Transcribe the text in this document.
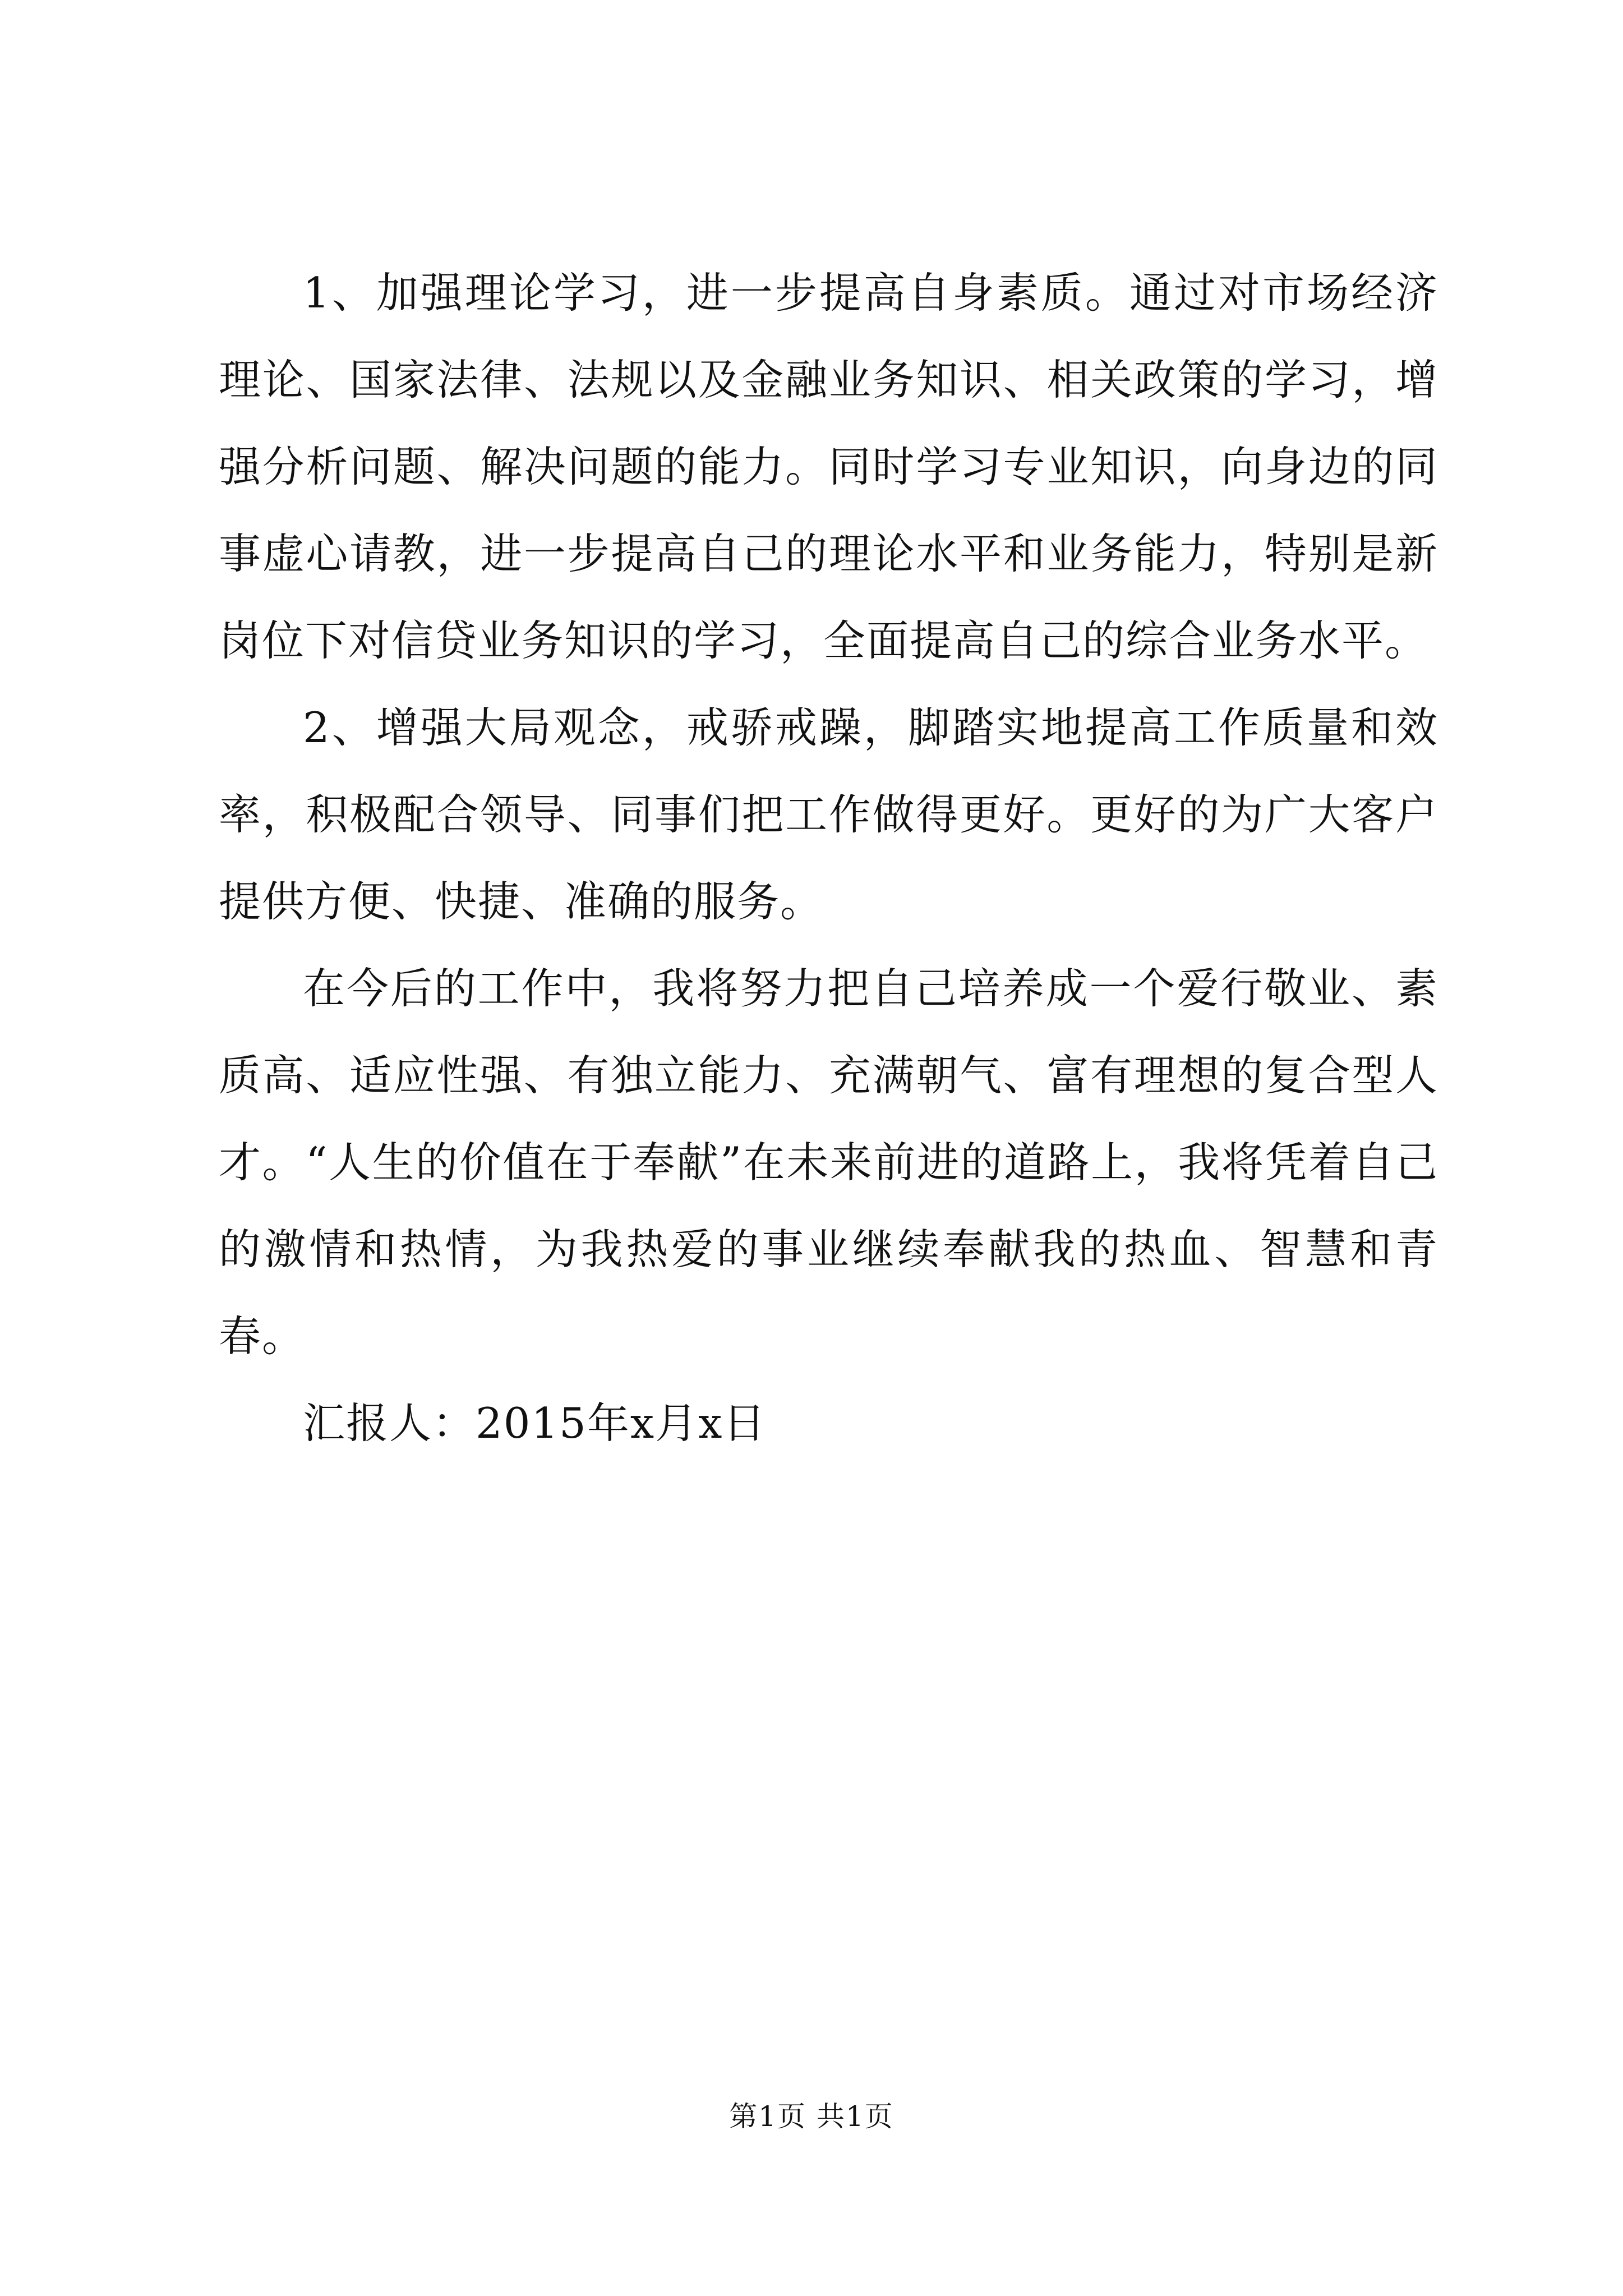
1、加强理论学习，进一步提高自身素质。通过对市场经济理论、国家法律、法规以及金融业务知识、相关政策的学习，增强分析问题、解决问题的能力。同时学习专业知识，向身边的同事虚心请教，进一步提高自己的理论水平和业务能力，特别是新岗位下对信贷业务知识的学习，全面提高自己的综合业务水平。

2、增强大局观念，戒骄戒躁，脚踏实地提高工作质量和效率，积极配合领导、同事们把工作做得更好。更好的为广大客户提供方便、快捷、准确的服务。

在今后的工作中，我将努力把自己培养成一个爱行敬业、素质高、适应性强、有独立能力、充满朝气、富有理想的复合型人才。“人生的价值在于奉献”在未来前进的道路上，我将凭着自己的激情和热情，为我热爱的事业继续奉献我的热血、智慧和青春。

汇报人：2015年x月x日

第1页 共1页
